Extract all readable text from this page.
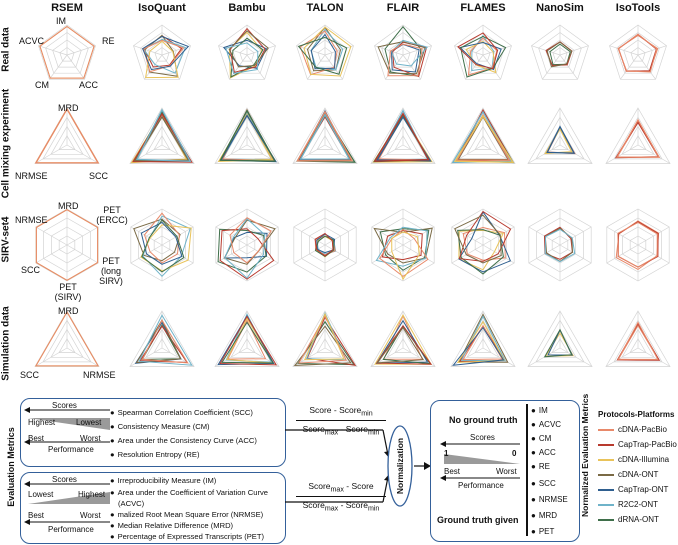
RSEM	IsoQuant	Bambu	TALON	FLAIR	FLAMES	NanoSim	IsoTools
Real data
Cell mixing experiment
SIRV-set4
Simulation data
IM
RE
ACC
CM
ACVC
MRD
SCC
NRMSE
MRD	PET (ERCC)
PET (long SIRV)
PET (SIRV)
SCC
NRMSE
MRD
NRMSE
SCC
Evaluation Metrics
Scores
Highest	Lowest
Best	Worst
Performance
● Spearman Correlation Coefficient (SCC)
● Consistency Measure (CM)
● Area under the Consistency Curve (ACC)
● Resolution Entropy (RE)
Scores
Lowest	Highest
Best	Worst
Performance
● Irreproducibility Measure (IM)
● Area under the Coefficient of Variation Curve
(ACVC)
● malized Root Mean Square Error (NRMSE)
● Median Relative Difference (MRD)
● Percentage of Expressed Transcripts (PET)
Score - Score$_{min}$
Score$_{max}$ - Score$_{min}$
Score$_{max}$ - Score
Score$_{max}$ - Score$_{min}$
Normalization
No ground truth
Ground truth given
Scores
1	0
Best	Worst
Performance
● IM
● ACVC
● CM
● ACC
● RE
● SCC
● NRMSE
● MRD
● PET
Normalized Evaluation Metrics Protocols-Platforms
cDNA-PacBio
CapTrap-PacBio
cDNA-Illumina
cDNA-ONT
CapTrap-ONT
R2C2-ONT
dRNA-ONT
